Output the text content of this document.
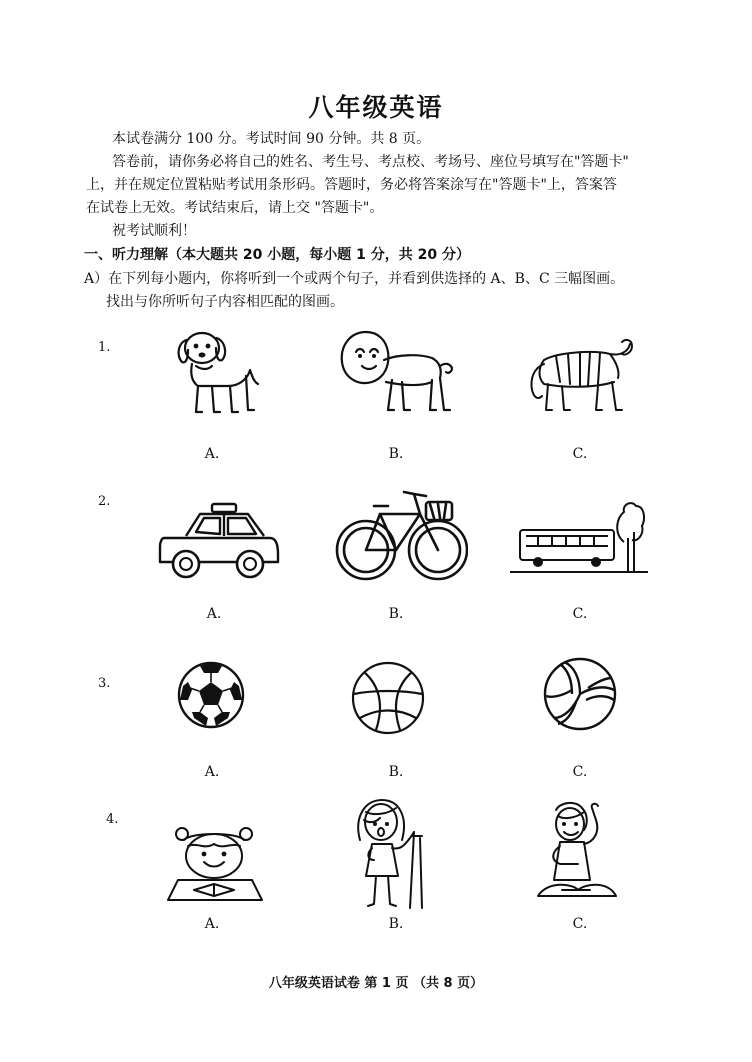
八年级英语
本试卷满分 100 分。考试时间 90 分钟。共 8 页。
答卷前，请你务必将自己的姓名、考生号、考点校、考场号、座位号填写在"答题卡"
上，并在规定位置粘贴考试用条形码。答题时，务必将答案涂写在"答题卡"上，答案答
在试卷上无效。考试结束后，请上交 "答题卡"。
祝考试顺利！
一、听力理解（本大题共 20 小题，每小题 1 分，共 20 分）
A）在下列每小题内，你将听到一个或两个句子，并看到供选择的 A、B、C 三幅图画。
找出与你所听句子内容相匹配的图画。
1.
A.	B.	C.
2.
A.	B.	C.
3.
A.	B.	C.
4.
A.	B.	C.
八年级英语试卷 第 1 页 （共 8 页）
